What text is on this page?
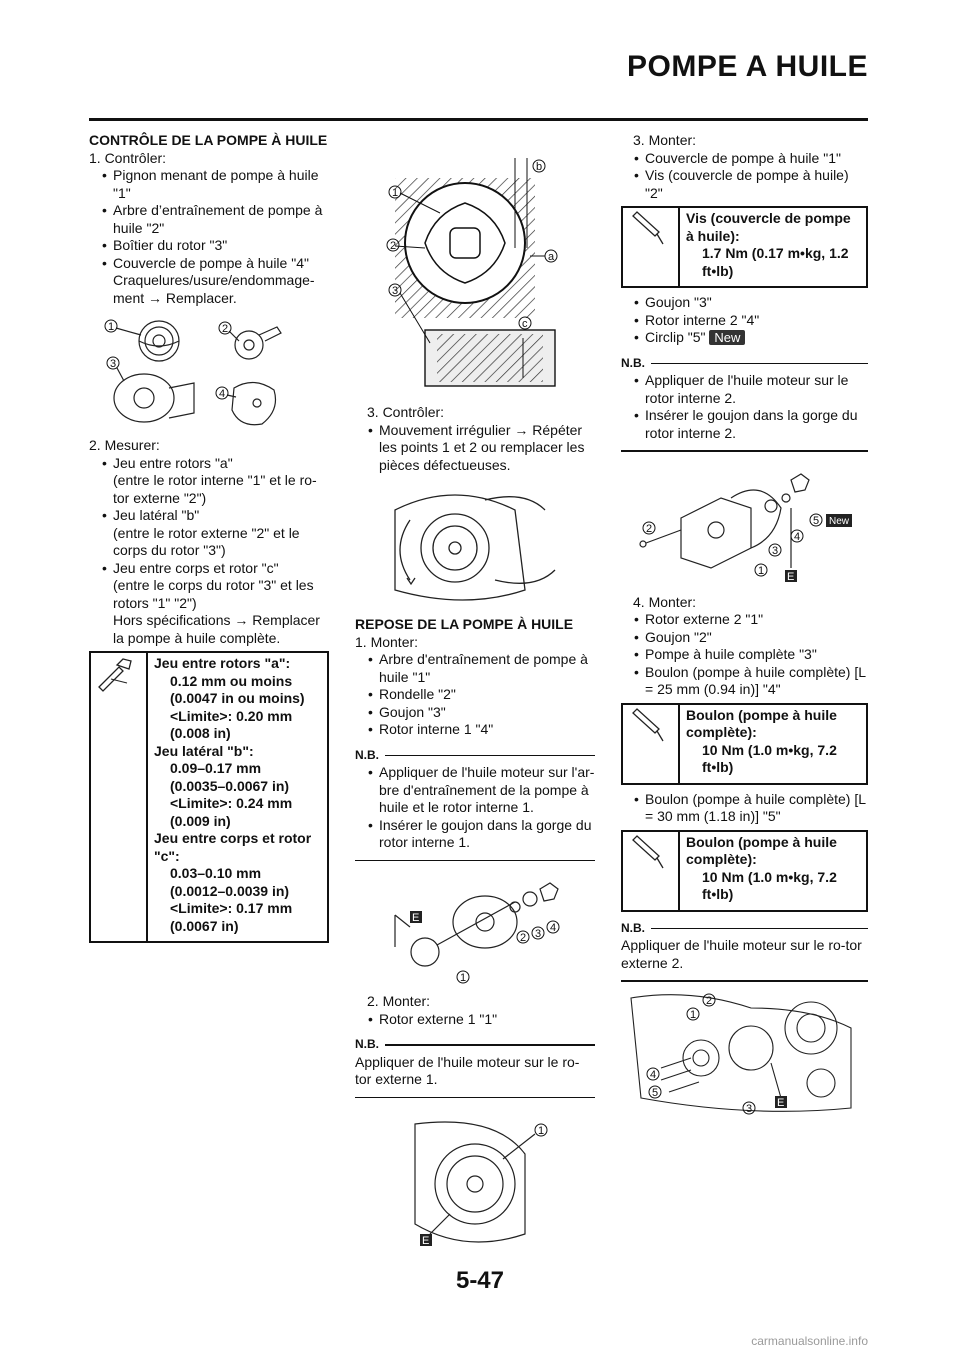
POMPE A HUILE

CONTRÔLE DE LA POMPE À HUILE

1. Contrôler:

• Pignon menant de pompe à huile "1"

• Arbre d’entraînement de pompe à huile "2"

• Boîtier du rotor "3"

• Couvercle de pompe à huile "4"

Craquelures/usure/endommage-ment → Remplacer.

1	2
3
4

2. Mesurer:

• Jeu entre rotors "a"

(entre le rotor interne "1" et le ro-tor externe "2")

• Jeu latéral "b"

(entre le rotor externe "2" et le corps du rotor "3")

• Jeu entre corps et rotor "c"

(entre le corps du rotor "3" et les rotors "1" "2")

Hors spécifications → Remplacer la pompe à huile complète.

Jeu entre rotors "a":
0.12 mm ou moins
(0.0047 in ou moins)
<Limite>: 0.20 mm
(0.008 in)
Jeu latéral "b":
0.09–0.17 mm
(0.0035–0.0067 in)
<Limite>: 0.24 mm
(0.009 in)
Jeu entre corps et rotor "c":
0.03–0.10 mm
(0.0012–0.0039 in)
<Limite>: 0.17 mm
(0.0067 in)
1
2
3
a
b
c

3. Contrôler:

• Mouvement irrégulier → Répéter les points 1 et 2 ou remplacer les pièces défectueuses.

REPOSE DE LA POMPE À HUILE

1. Monter:

• Arbre d'entraînement de pompe à huile "1"

• Rondelle "2"

• Goujon "3"

• Rotor interne 1 "4"

N.B.

• Appliquer de l'huile moteur sur l'ar-bre d'entraînement de la pompe à huile et le rotor interne 1.

• Insérer le goujon dans la gorge du rotor interne 1.

1
2 3 4
E

2. Monter:

• Rotor externe 1 "1"

N.B.

Appliquer de l'huile moteur sur le ro-tor externe 1.

1
E

3. Monter:

• Couvercle de pompe à huile "1"

• Vis (couvercle de pompe à huile) "2"

Vis (couvercle de pompe à huile):
1.7 Nm (0.17 m•kg, 1.2 ft•lb)

• Goujon "3"

• Rotor interne 2 "4"

• Circlip "5" New

N.B.

• Appliquer de l'huile moteur sur le rotor interne 2.

• Insérer le goujon dans la gorge du rotor interne 2.

1
2
3
4
5 New
E

4. Monter:

• Rotor externe 2 "1"

• Goujon "2"

• Pompe à huile complète "3"

• Boulon (pompe à huile complète) [L = 25 mm (0.94 in)] "4"

Boulon (pompe à huile complète):
10 Nm (1.0 m•kg, 7.2 ft•lb)

• Boulon (pompe à huile complète) [L = 30 mm (1.18 in)] "5"

Boulon (pompe à huile complète):
10 Nm (1.0 m•kg, 7.2 ft•lb)
N.B.

Appliquer de l'huile moteur sur le ro-tor externe 2.

1
2
3
4
5
E
5-47
carmanualsonline.info
